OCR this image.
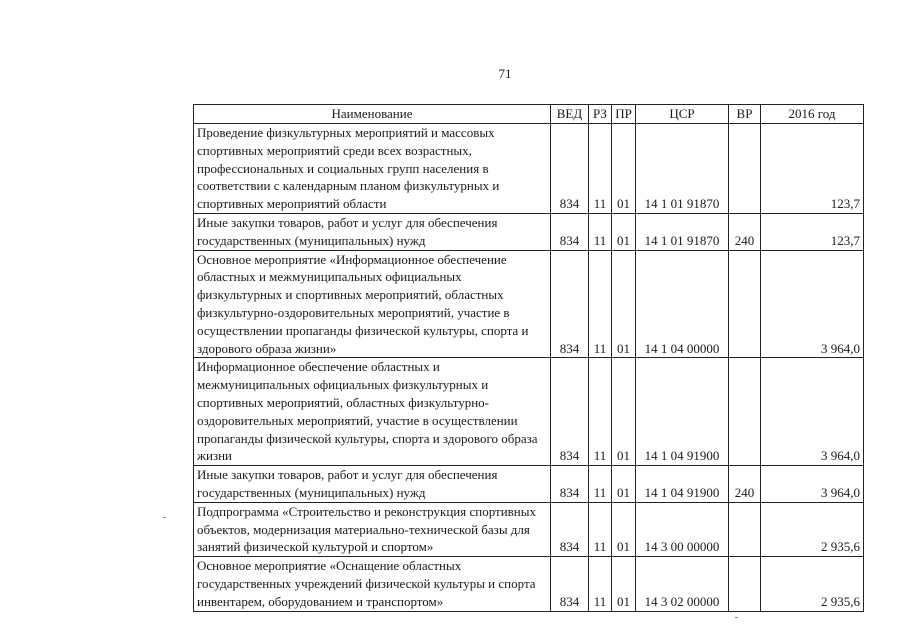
71
Наименование	ВЕД	РЗ	ПР	ЦСР	ВР	2016 год
Проведение физкультурных мероприятий и массовых спортивных мероприятий среди всех возрастных, профессиональных и социальных групп населения в соответствии с календарным планом физкультурных и спортивных мероприятий области	834	11	01	14 1 01 91870		123,7
Иные закупки товаров, работ и услуг для обеспечения государственных (муниципальных) нужд	834	11	01	14 1 01 91870	240	123,7
Основное мероприятие «Информационное обеспечение областных и межмуниципальных официальных физкультурных и спортивных мероприятий, областных физкультурно-оздоровительных мероприятий, участие в осуществлении пропаганды физической культуры, спорта и здорового образа жизни»	834	11	01	14 1 04 00000		3 964,0
Информационное обеспечение областных и межмуниципальных официальных физкультурных и спортивных мероприятий, областных физкультурно-оздоровительных мероприятий, участие в осуществлении пропаганды физической культуры, спорта и здорового образа жизни	834	11	01	14 1 04 91900		3 964,0
Иные закупки товаров, работ и услуг для обеспечения государственных (муниципальных) нужд	834	11	01	14 1 04 91900	240	3 964,0
Подпрограмма «Строительство и реконструкция спортивных объектов, модернизация материально-технической базы для занятий физической культурой и спортом»	834	11	01	14 3 00 00000		2 935,6
Основное мероприятие «Оснащение областных государственных учреждений физической культуры и спорта инвентарем, оборудованием и транспортом»	834	11	01	14 3 02 00000		2 935,6
